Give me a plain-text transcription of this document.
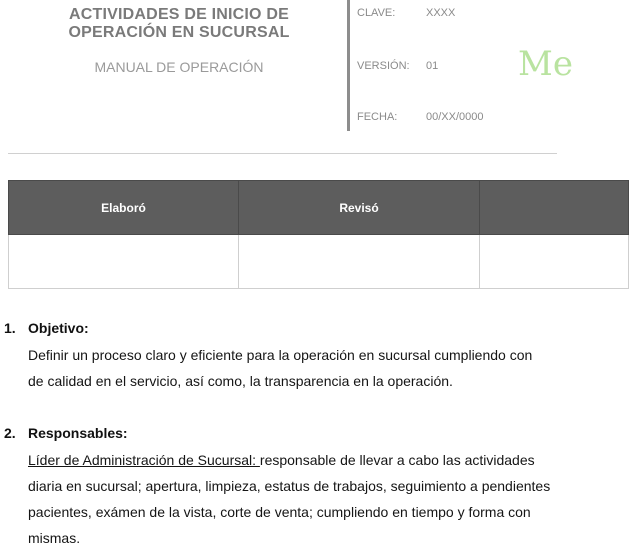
ACTIVIDADES DE INICIO DE
OPERACIÓN EN SUCURSAL
MANUAL DE OPERACIÓN
CLAVE:	XXXX
VERSIÓN: 01
FECHA:	00/XX/0000
Me
Elaboró	Revisó	

1. Objetivo:
Definir un proceso claro y eficiente para la operación en sucursal cumpliendo con
de calidad en el servicio, así como, la transparencia en la operación.
2. Responsables:
Líder de Administración de Sucursal: responsable de llevar a cabo las actividades
diaria en sucursal; apertura, limpieza, estatus de trabajos, seguimiento a pendientes
pacientes, exámen de la vista, corte de venta; cumpliendo en tiempo y forma con
mismas.
